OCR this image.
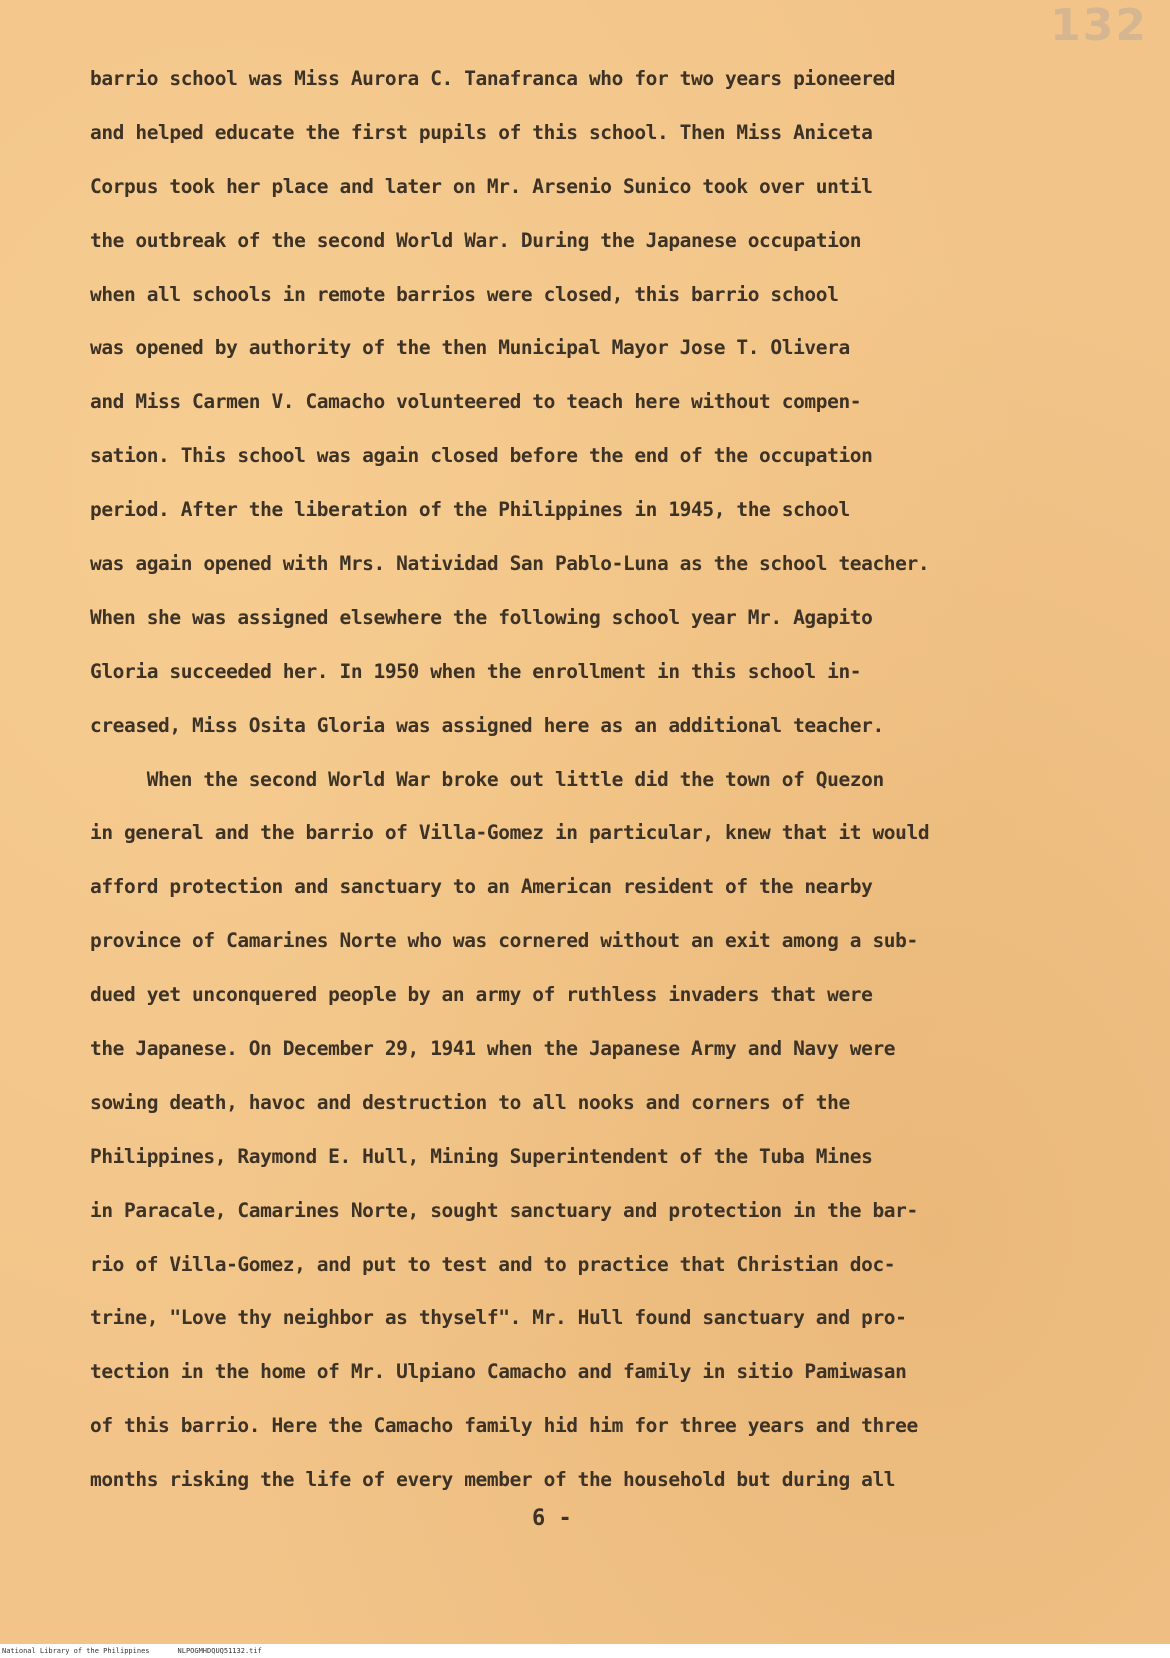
132
barrio school was Miss Aurora C. Tanafranca who for two years pioneered
and helped educate the first pupils of this school. Then Miss Aniceta
Corpus took her place and later on Mr. Arsenio Sunico took over until
the outbreak of the second World War. During the Japanese occupation
when all schools in remote barrios were closed, this barrio school
was opened by authority of the then Municipal Mayor Jose T. Olivera
and Miss Carmen V. Camacho volunteered to teach here without compen-
sation. This school was again closed before the end of the occupation
period. After the liberation of the Philippines in 1945, the school
was again opened with Mrs. Natividad San Pablo-Luna as the school teacher.
When she was assigned elsewhere the following school year Mr. Agapito
Gloria succeeded her. In 1950 when the enrollment in this school in-
creased, Miss Osita Gloria was assigned here as an additional teacher.
When the second World War broke out little did the town of Quezon
in general and the barrio of Villa-Gomez in particular, knew that it would
afford protection and sanctuary to an American resident of the nearby
province of Camarines Norte who was cornered without an exit among a sub-
dued yet unconquered people by an army of ruthless invaders that were
the Japanese. On December 29, 1941 when the Japanese Army and Navy were
sowing death, havoc and destruction to all nooks and corners of the
Philippines, Raymond E. Hull, Mining Superintendent of the Tuba Mines
in Paracale, Camarines Norte, sought sanctuary and protection in the bar-
rio of Villa-Gomez, and put to test and to practice that Christian doc-
trine, "Love thy neighbor as thyself". Mr. Hull found sanctuary and pro-
tection in the home of Mr. Ulpiano Camacho and family in sitio Pamiwasan
of this barrio. Here the Camacho family hid him for three years and three
months risking the life of every member of the household but during all
6 -
National Library of the Philippines	NLPOGMHDQUQ51132.tif
